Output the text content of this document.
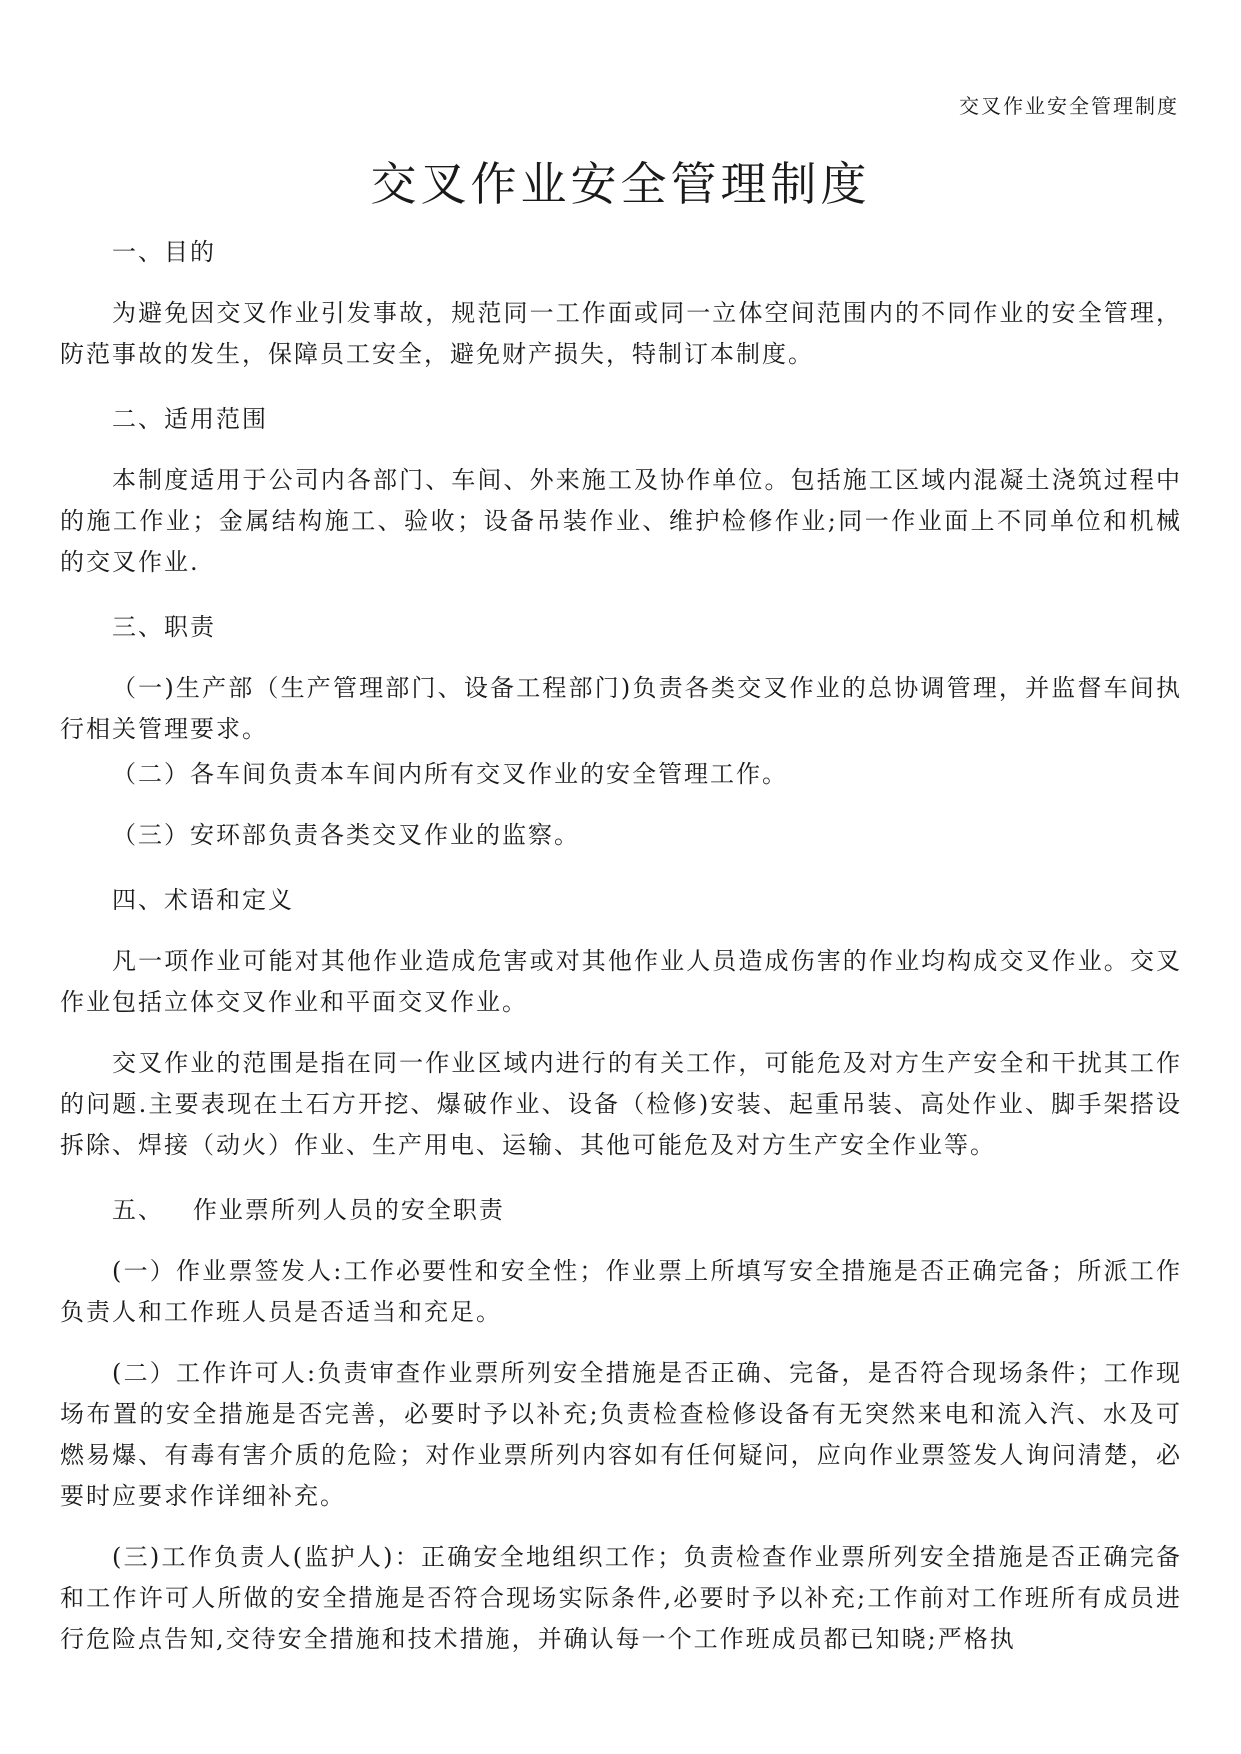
交叉作业安全管理制度
交叉作业安全管理制度

一、目的

为避免因交叉作业引发事故，规范同一工作面或同一立体空间范围内的不同作业的安全管理，防范事故的发生，保障员工安全，避免财产损失，特制订本制度。

二、适用范围

本制度适用于公司内各部门、车间、外来施工及协作单位。包括施工区域内混凝土浇筑过程中的施工作业；金属结构施工、验收；设备吊装作业、维护检修作业;同一作业面上不同单位和机械的交叉作业.

三、职责

（一)生产部（生产管理部门、设备工程部门)负责各类交叉作业的总协调管理，并监督车间执行相关管理要求。

（二）各车间负责本车间内所有交叉作业的安全管理工作。

（三）安环部负责各类交叉作业的监察。

四、术语和定义

凡一项作业可能对其他作业造成危害或对其他作业人员造成伤害的作业均构成交叉作业。交叉作业包括立体交叉作业和平面交叉作业。

交叉作业的范围是指在同一作业区域内进行的有关工作，可能危及对方生产安全和干扰其工作的问题.主要表现在土石方开挖、爆破作业、设备（检修)安装、起重吊装、高处作业、脚手架搭设拆除、焊接（动火）作业、生产用电、运输、其他可能危及对方生产安全作业等。

五、   作业票所列人员的安全职责

(一）作业票签发人:工作必要性和安全性；作业票上所填写安全措施是否正确完备；所派工作负责人和工作班人员是否适当和充足。

(二）工作许可人:负责审查作业票所列安全措施是否正确、完备，是否符合现场条件；工作现场布置的安全措施是否完善，必要时予以补充;负责检查检修设备有无突然来电和流入汽、水及可燃易爆、有毒有害介质的危险；对作业票所列内容如有任何疑问，应向作业票签发人询问清楚，必要时应要求作详细补充。

(三)工作负责人(监护人)：正确安全地组织工作；负责检查作业票所列安全措施是否正确完备和工作许可人所做的安全措施是否符合现场实际条件,必要时予以补充;工作前对工作班所有成员进行危险点告知,交待安全措施和技术措施，并确认每一个工作班成员都已知晓;严格执
